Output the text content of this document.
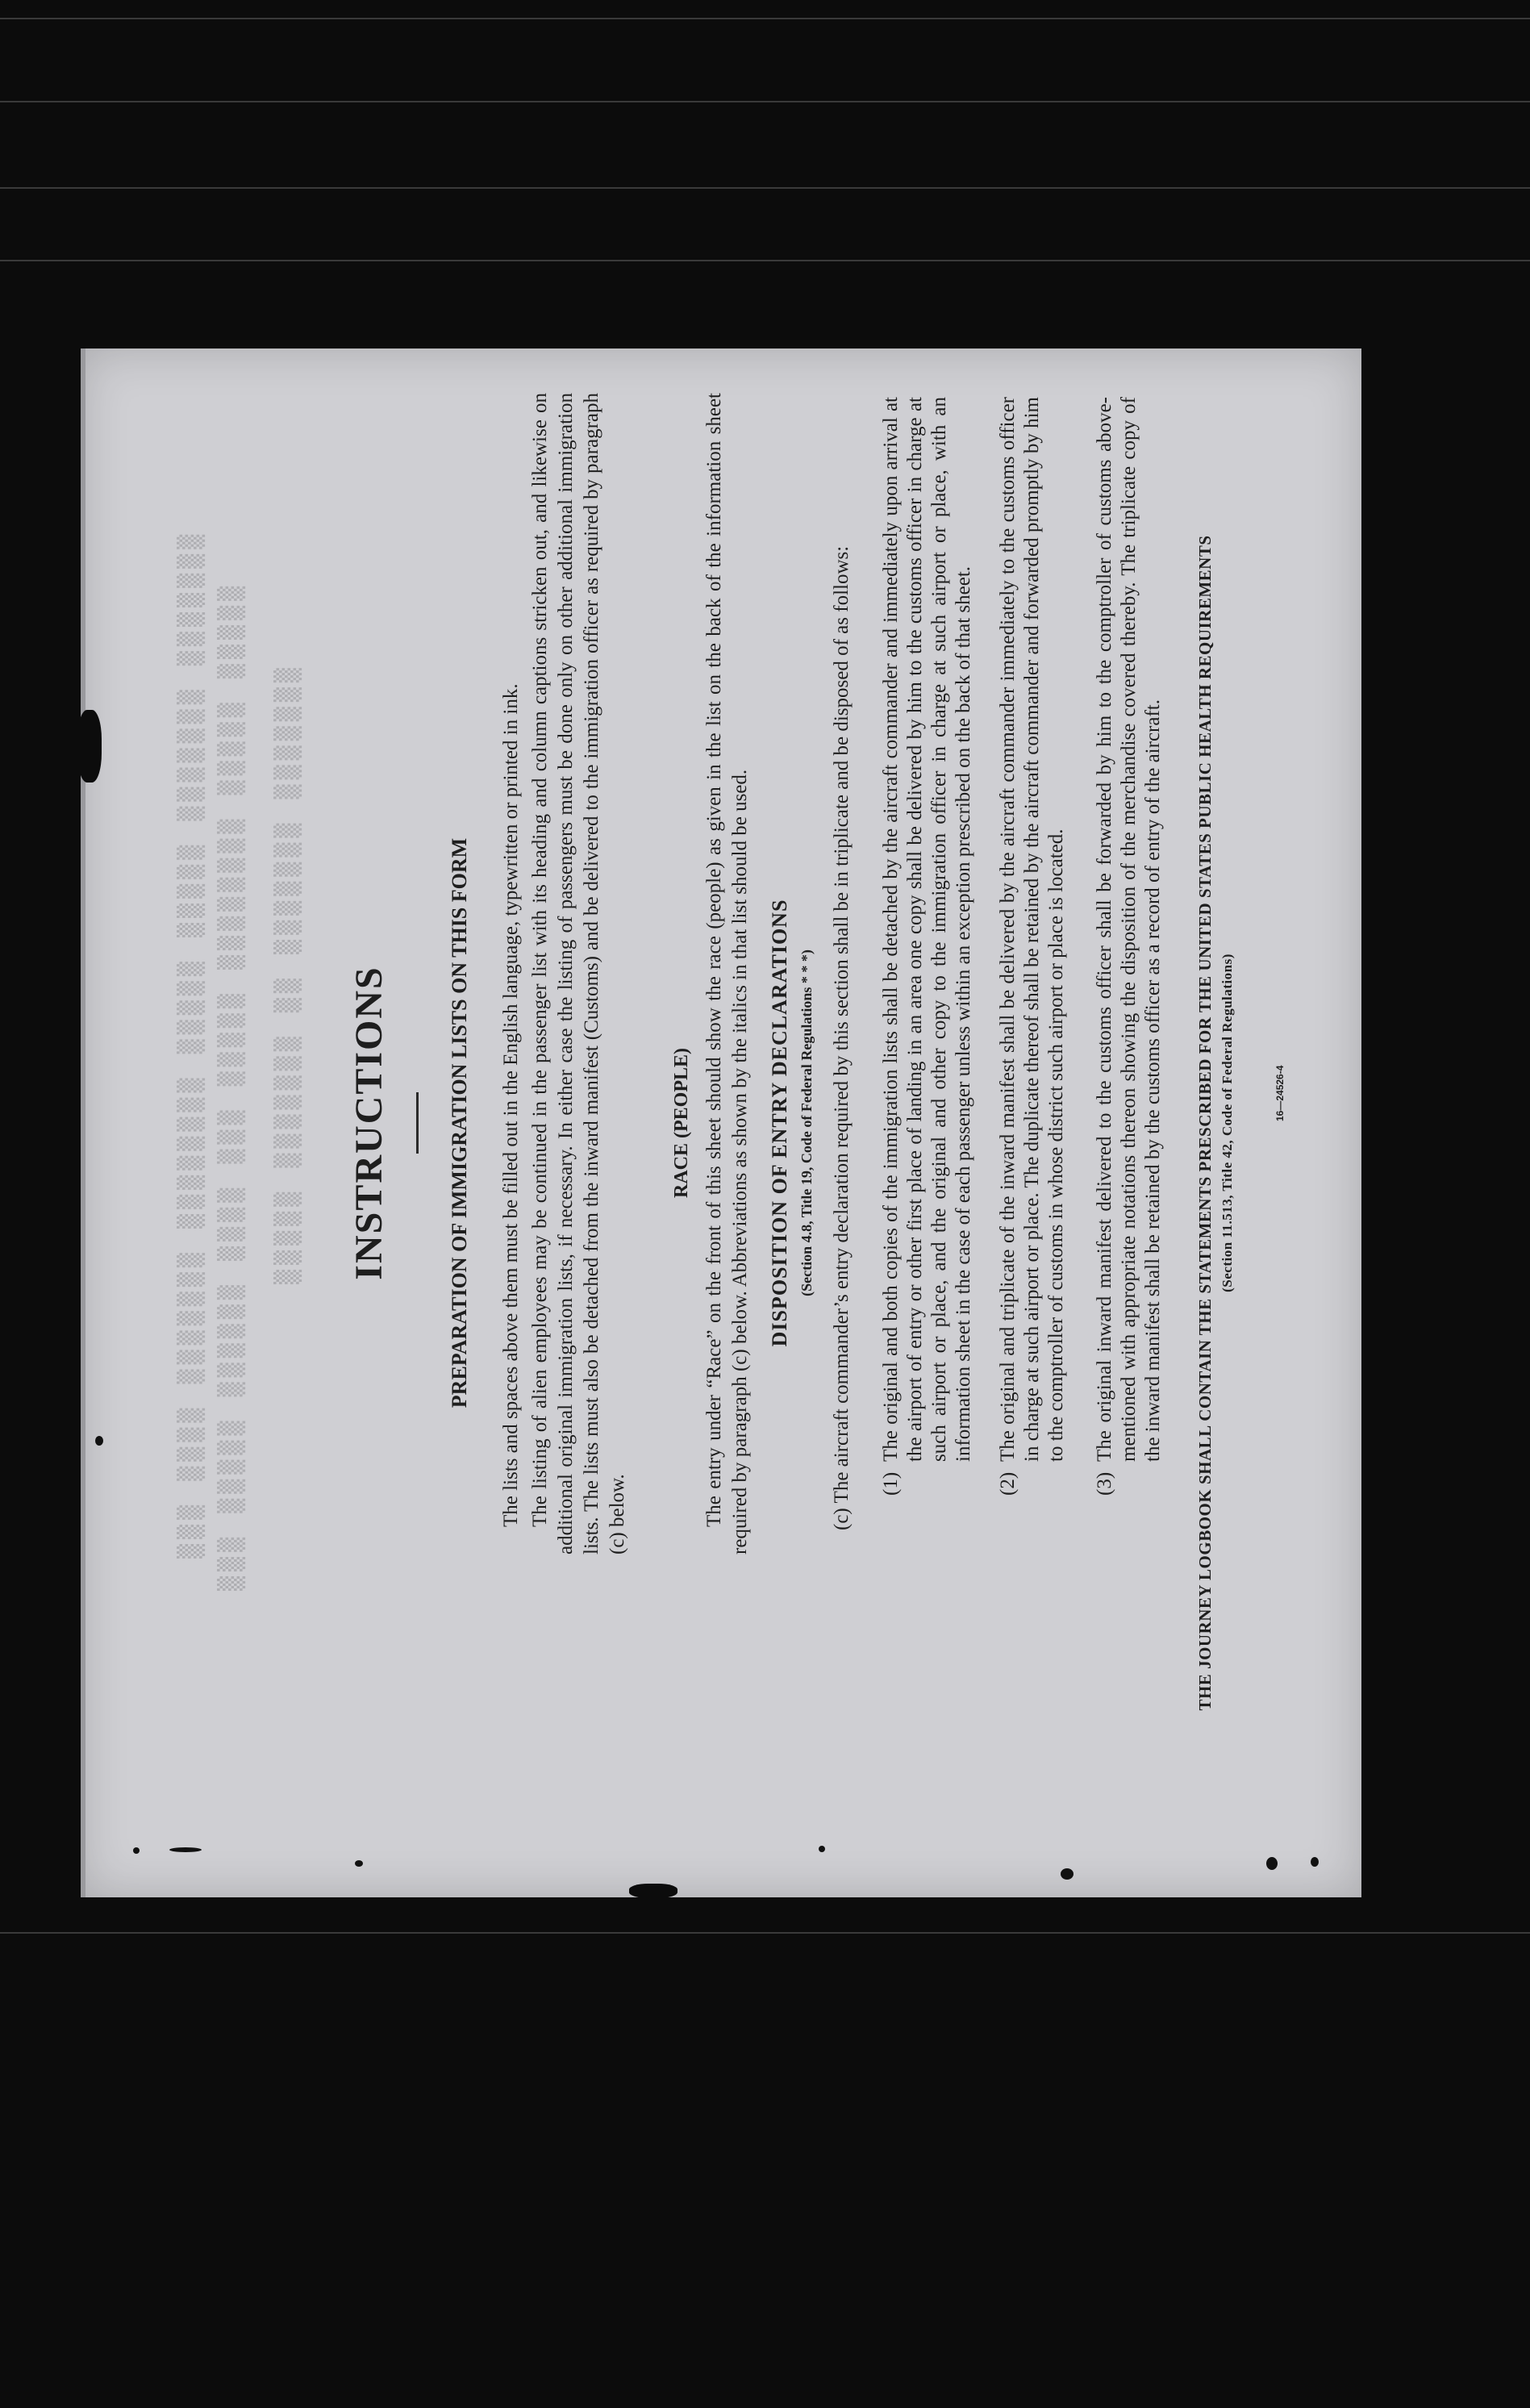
▒▒▒ ▒▒▒▒ ▒▒▒▒▒▒▒ ▒▒▒▒▒▒▒▒ ▒▒▒▒▒ ▒▒▒▒▒ ▒▒▒▒▒▒▒ ▒▒▒▒▒▒▒ ▒▒▒ ▒▒▒▒▒ ▒▒▒▒▒▒ ▒▒▒▒ ▒▒▒ ▒▒▒▒▒ ▒▒▒▒▒▒▒▒ ▒▒▒▒▒ ▒▒▒▒▒ ▒▒▒▒▒ ▒▒▒▒▒▒▒ ▒▒ ▒▒▒▒▒▒▒ ▒▒▒▒▒▒▒ INSTRUCTIONS	PREPARATION OF IMMIGRATION LISTS ON THIS FORM The lists and spaces above them must be filled out in the English language, typewritten or printed in ink. The listing of alien employees may be continued in the passenger list with its heading and column captions stricken out, and likewise on additional original immigration lists, if necessary. In either case the listing of passengers must be done only on other additional immigration lists. The lists must also be detached from the inward manifest (Customs) and be delivered to the immigration officer as required by paragraph (c) below.
RACE (PEOPLE) The entry under “Race” on the front of this sheet should show the race (people) as given in the list on the back of the information sheet required by paragraph (c) below. Abbreviations as shown by the italics in that list should be used. DISPOSITION OF ENTRY DECLARATIONS (Section 4.8, Title 19, Code of Federal Regulations * * *) (c) The aircraft commander’s entry declaration required by this section shall be in triplicate and be disposed of as follows: (1)
The original and both copies of the immigration lists shall be detached by the aircraft commander and immediately upon arrival at the airport of entry or other first place of landing in an area one copy shall be delivered by him to the customs officer in charge at such airport or place, and the original and other copy to the immigration officer in charge at such airport or place, with an information sheet in the case of each passenger unless within an exception prescribed on the back of that sheet.
(2)
The original and triplicate of the inward manifest shall be delivered by the aircraft commander immediately to the customs officer in charge at such airport or place. The duplicate thereof shall be retained by the aircraft commander and forwarded promptly by him to the comptroller of customs in whose district such airport or place is located.
(3)
The original inward manifest delivered to the customs officer shall be forwarded by him to the comptroller of customs above-mentioned with appropriate notations thereon showing the disposition of the merchandise covered thereby. The triplicate copy of the inward manifest shall be retained by the customs officer as a record of entry of the aircraft. THE JOURNEY LOGBOOK SHALL CONTAIN THE STATEMENTS PRESCRIBED FOR THE UNITED STATES PUBLIC HEALTH REQUIREMENTS (Section 11.513, Title 42, Code of Federal Regulations)	16—24526-4
